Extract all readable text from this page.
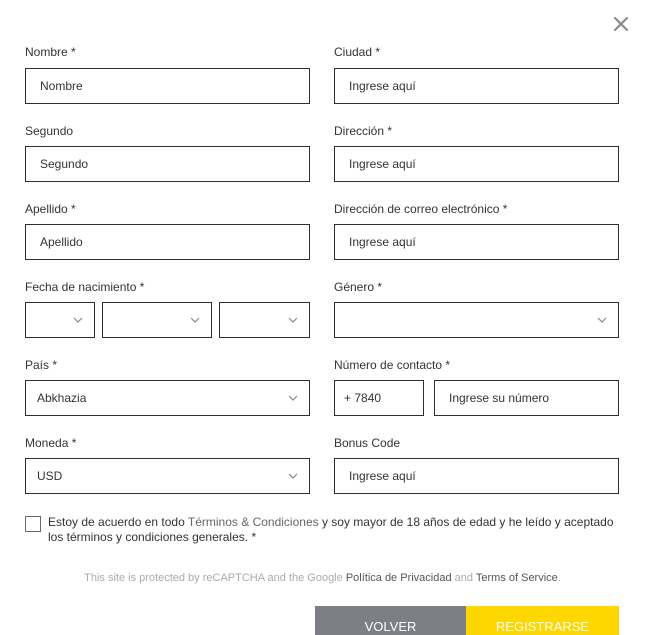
Nombre *
Nombre
Segundo
Segundo
Apellido *
Apellido
Fecha de nacimiento *
País *
Abkhazia
Moneda *
USD
Ciudad *
Ingrese aquí
Dirección *
Ingrese aquí
Dirección de correo electrónico *
Ingrese aquí
Género *
Número de contacto *
+ 7840	Ingrese su número
Bonus Code
Ingrese aquí
Estoy de acuerdo en todo Términos & Condiciones y soy mayor de 18 años de edad y he leído y aceptado los términos y condiciones generales. *
This site is protected by reCAPTCHA and the Google Política de Privacidad and Terms of Service.
VOLVER	REGISTRARSE
